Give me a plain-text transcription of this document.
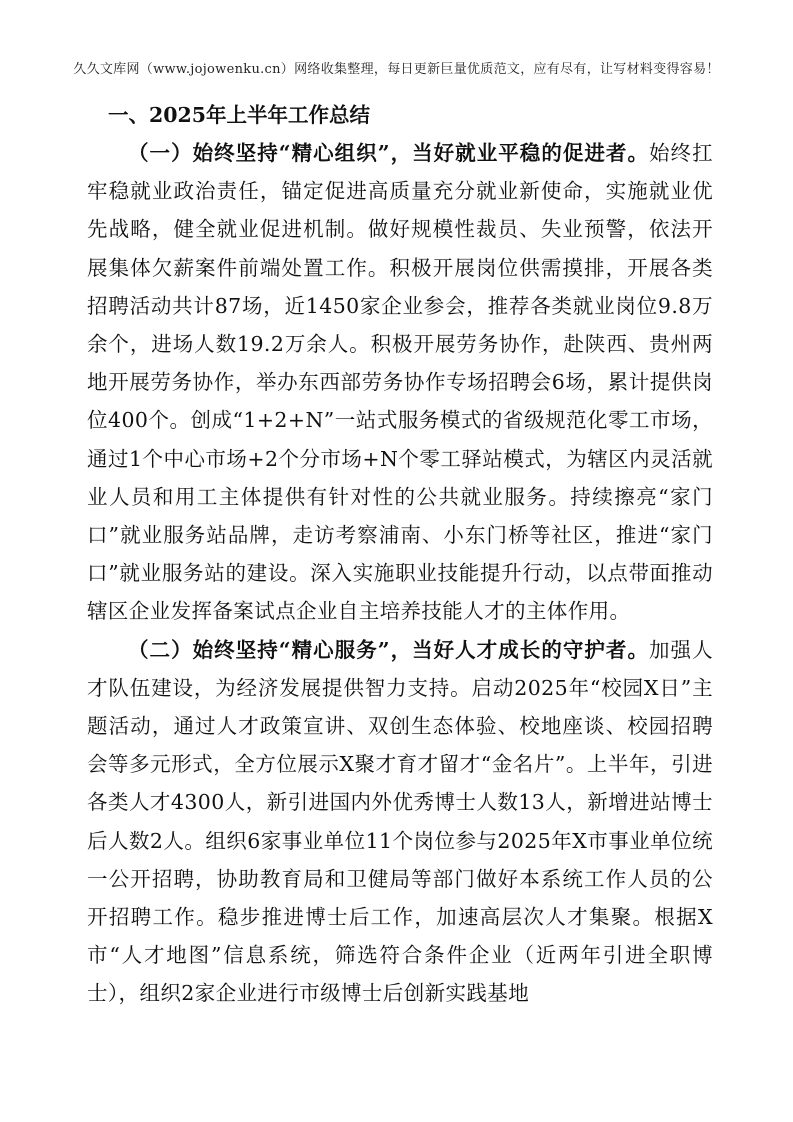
久久文库网（www.jojowenku.cn）网络收集整理，每日更新巨量优质范文，应有尽有，让写材料变得容易！

一、2025年上半年工作总结

（一）始终坚持“精心组织”，当好就业平稳的促进者。始终扛牢稳就业政治责任，锚定促进高质量充分就业新使命，实施就业优先战略，健全就业促进机制。做好规模性裁员、失业预警，依法开展集体欠薪案件前端处置工作。积极开展岗位供需摸排，开展各类招聘活动共计87场，近1450家企业参会，推荐各类就业岗位9.8万余个，进场人数19.2万余人。积极开展劳务协作，赴陕西、贵州两地开展劳务协作，举办东西部劳务协作专场招聘会6场，累计提供岗位400个。创成“1+2+N”一站式服务模式的省级规范化零工市场，通过1个中心市场+2个分市场+N个零工驿站模式，为辖区内灵活就业人员和用工主体提供有针对性的公共就业服务。持续擦亮“家门口”就业服务站品牌，走访考察浦南、小东门桥等社区，推进“家门口”就业服务站的建设。深入实施职业技能提升行动，以点带面推动辖区企业发挥备案试点企业自主培养技能人才的主体作用。

（二）始终坚持“精心服务”，当好人才成长的守护者。加强人才队伍建设，为经济发展提供智力支持。启动2025年“校园X日”主题活动，通过人才政策宣讲、双创生态体验、校地座谈、校园招聘会等多元形式，全方位展示X聚才育才留才“金名片”。上半年，引进各类人才4300人，新引进国内外优秀博士人数13人，新增进站博士后人数2人。组织6家事业单位11个岗位参与2025年X市事业单位统一公开招聘，协助教育局和卫健局等部门做好本系统工作人员的公开招聘工作。稳步推进博士后工作，加速高层次人才集聚。根据X市“人才地图”信息系统，筛选符合条件企业（近两年引进全职博士），组织2家企业进行市级博士后创新实践基地
